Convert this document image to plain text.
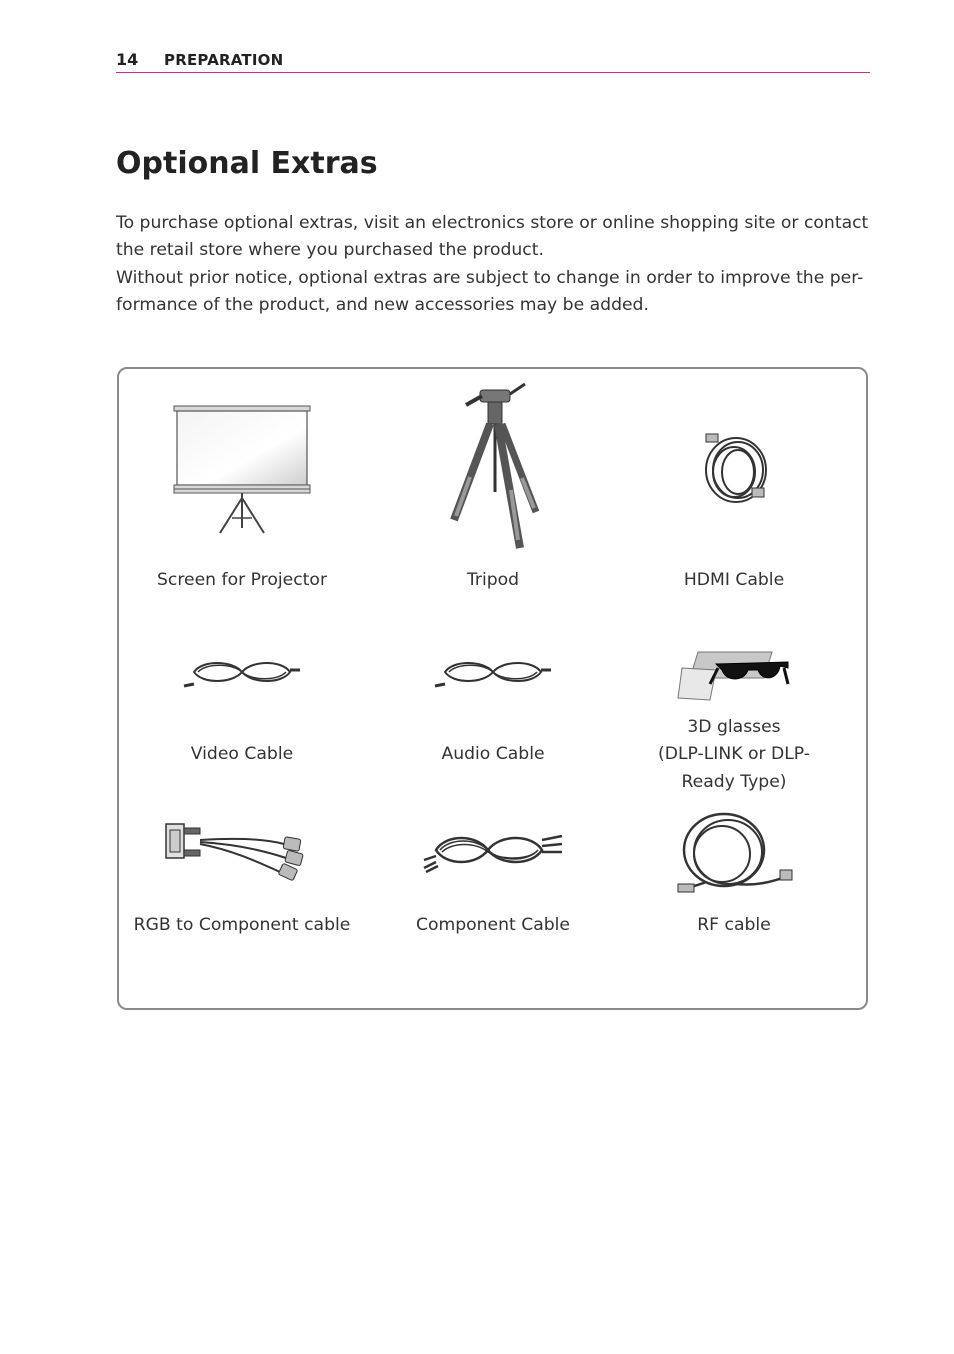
14 PREPARATION
Optional Extras

To purchase optional extras, visit an electronics store or online shopping site or contact the retail store where you purchased the product.

Without prior notice, optional extras are subject to change in order to improve the per-formance of the product, and new accessories may be added.

Screen for Projector	Tripod	HDMI Cable
Video Cable	Audio Cable
3D glasses
(DLP-LINK or DLP-
Ready Type)
RGB to Component cable	Component Cable	RF cable
